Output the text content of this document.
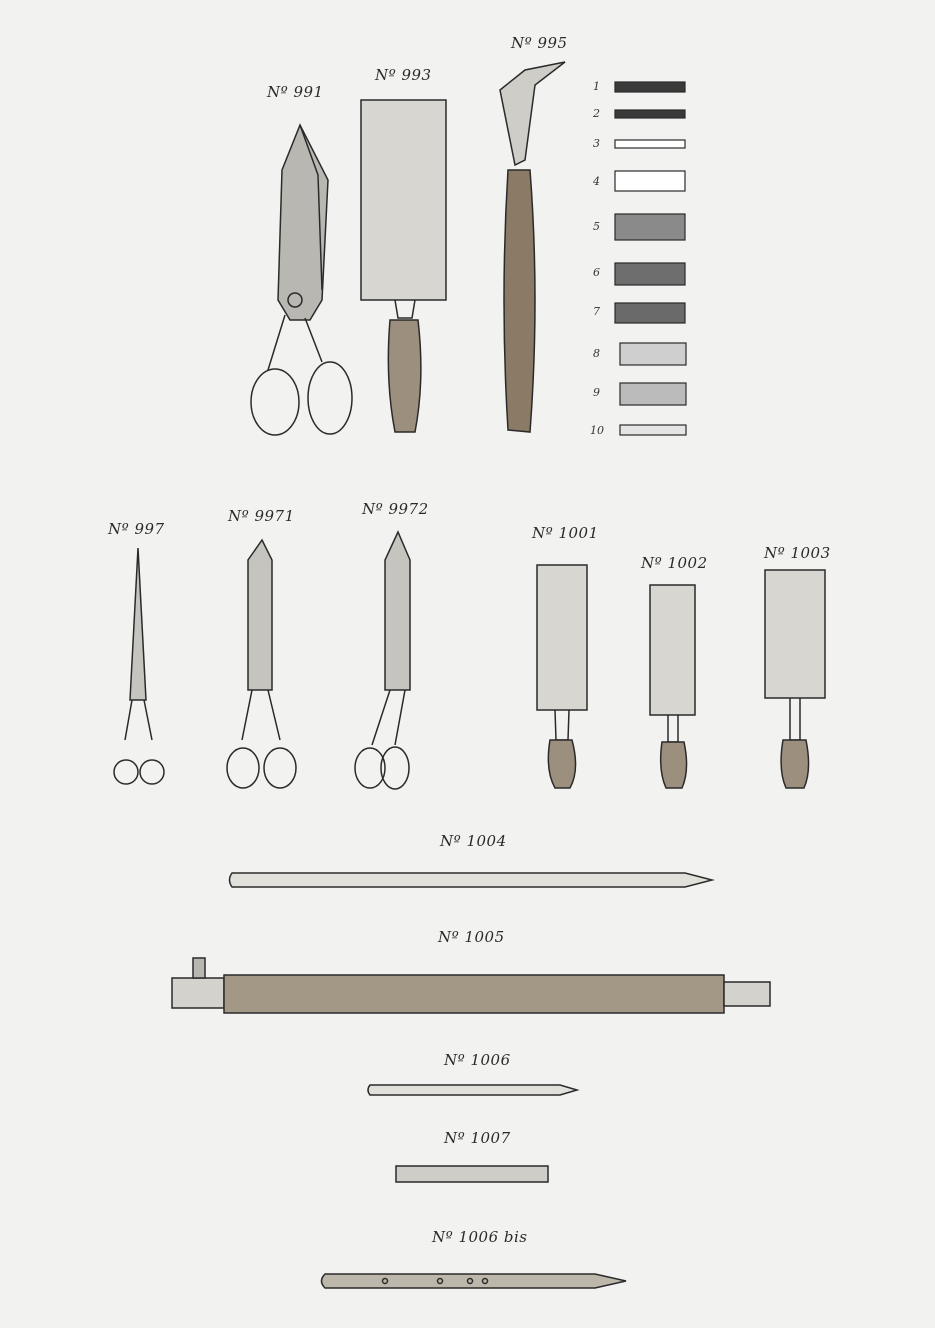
Nº 991
Nº 993
Nº 995
Nº 997
Nº 9971	Nº 9972
Nº 1001
Nº 1002
Nº 1003
Nº 1004
Nº 1005
Nº 1006
Nº 1007
Nº 1006 bis
1
2
3
4
5
6
7
8
9
10
